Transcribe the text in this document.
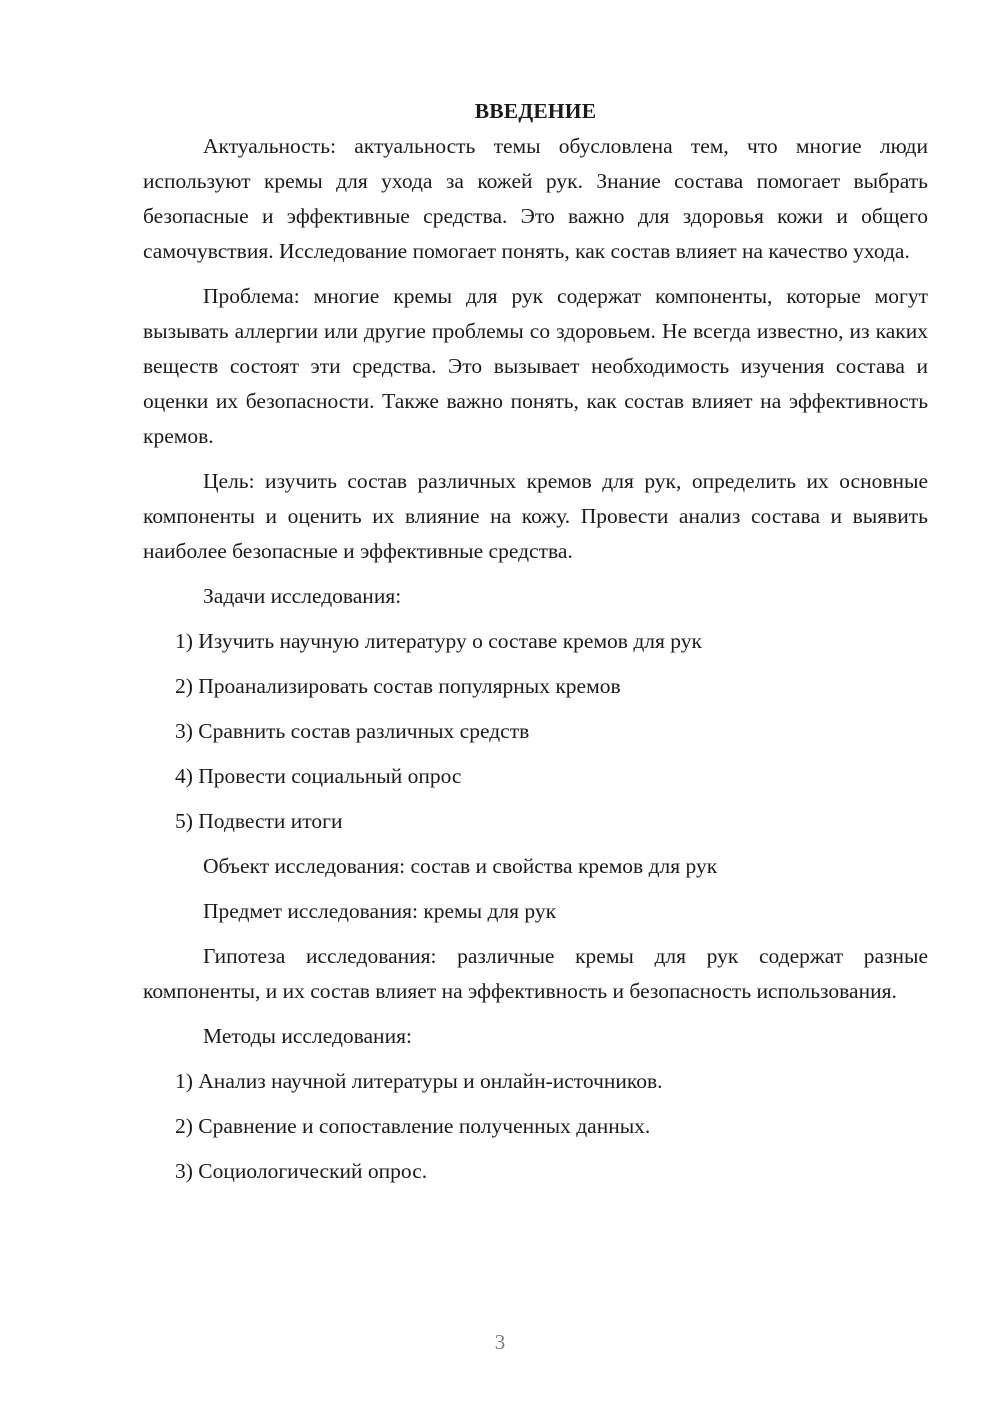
ВВЕДЕНИЕ

Актуальность: актуальность темы обусловлена тем, что многие люди используют кремы для ухода за кожей рук. Знание состава помогает выбрать безопасные и эффективные средства. Это важно для здоровья кожи и общего самочувствия. Исследование помогает понять, как состав влияет на качество ухода.

Проблема: многие кремы для рук содержат компоненты, которые могут вызывать аллергии или другие проблемы со здоровьем. Не всегда известно, из каких веществ состоят эти средства. Это вызывает необходимость изучения состава и оценки их безопасности. Также важно понять, как состав влияет на эффективность кремов.

Цель: изучить состав различных кремов для рук, определить их основные компоненты и оценить их влияние на кожу. Провести анализ состава и выявить наиболее безопасные и эффективные средства.

Задачи исследования:
1) Изучить научную литературу о составе кремов для рук
2) Проанализировать состав популярных кремов
3) Сравнить состав различных средств
4) Провести социальный опрос
5) Подвести итоги
Объект исследования: состав и свойства кремов для рук
Предмет исследования: кремы для рук

Гипотеза исследования: различные кремы для рук содержат разные компоненты, и их состав влияет на эффективность и безопасность использования.

Методы исследования:
1) Анализ научной литературы и онлайн-источников.
2) Сравнение и сопоставление полученных данных.
3) Социологический опрос.
3
